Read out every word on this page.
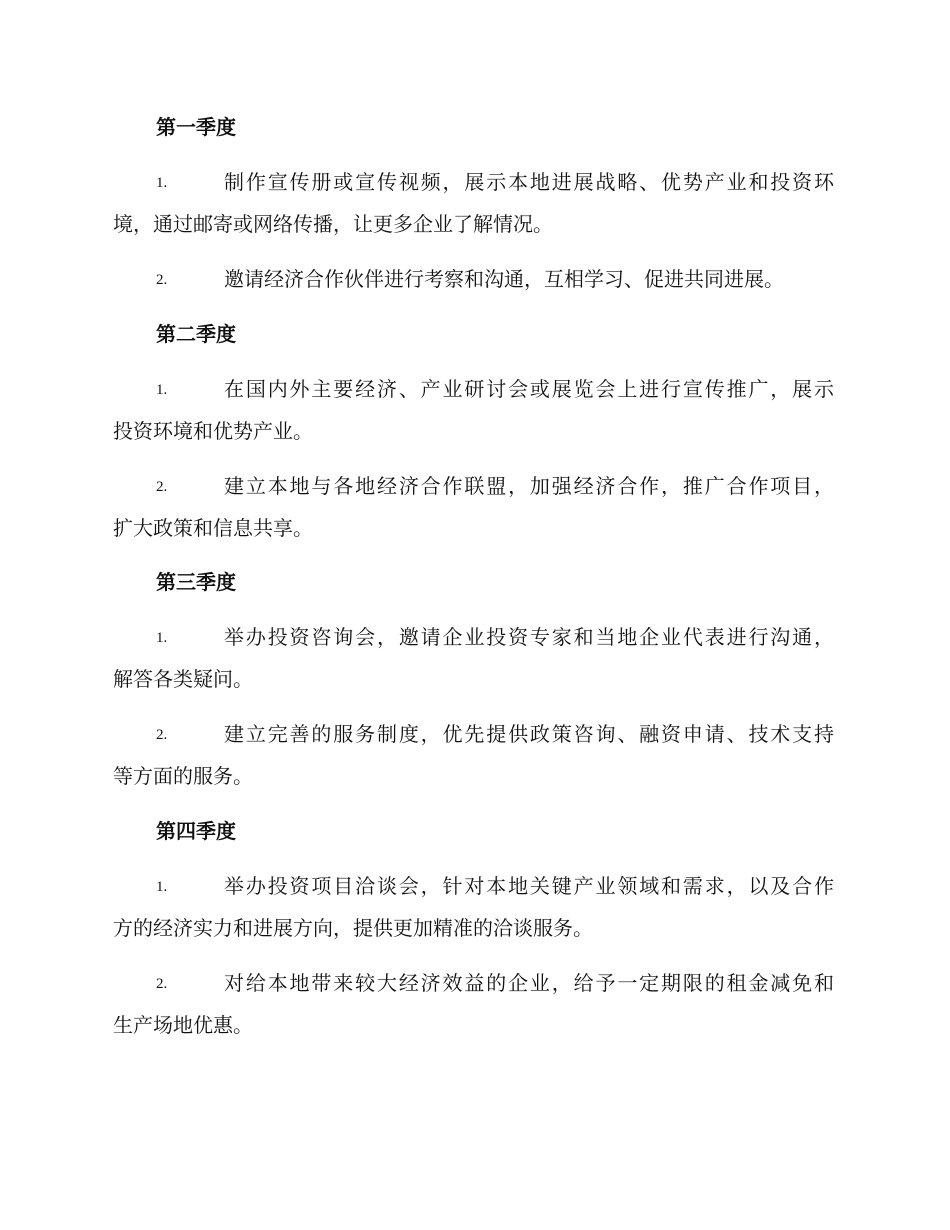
第一季度
1.	制作宣传册或宣传视频，展示本地进展战略、优势产业和投资环
境，通过邮寄或网络传播，让更多企业了解情况。
2.	邀请经济合作伙伴进行考察和沟通，互相学习、促进共同进展。
第二季度
1.	在国内外主要经济、产业研讨会或展览会上进行宣传推广，展示
投资环境和优势产业。
2.	建立本地与各地经济合作联盟，加强经济合作，推广合作项目，
扩大政策和信息共享。
第三季度
1.	举办投资咨询会，邀请企业投资专家和当地企业代表进行沟通，
解答各类疑问。
2.	建立完善的服务制度，优先提供政策咨询、融资申请、技术支持
等方面的服务。
第四季度
1.	举办投资项目洽谈会，针对本地关键产业领域和需求，以及合作
方的经济实力和进展方向，提供更加精准的洽谈服务。
2.	对给本地带来较大经济效益的企业，给予一定期限的租金减免和
生产场地优惠。
